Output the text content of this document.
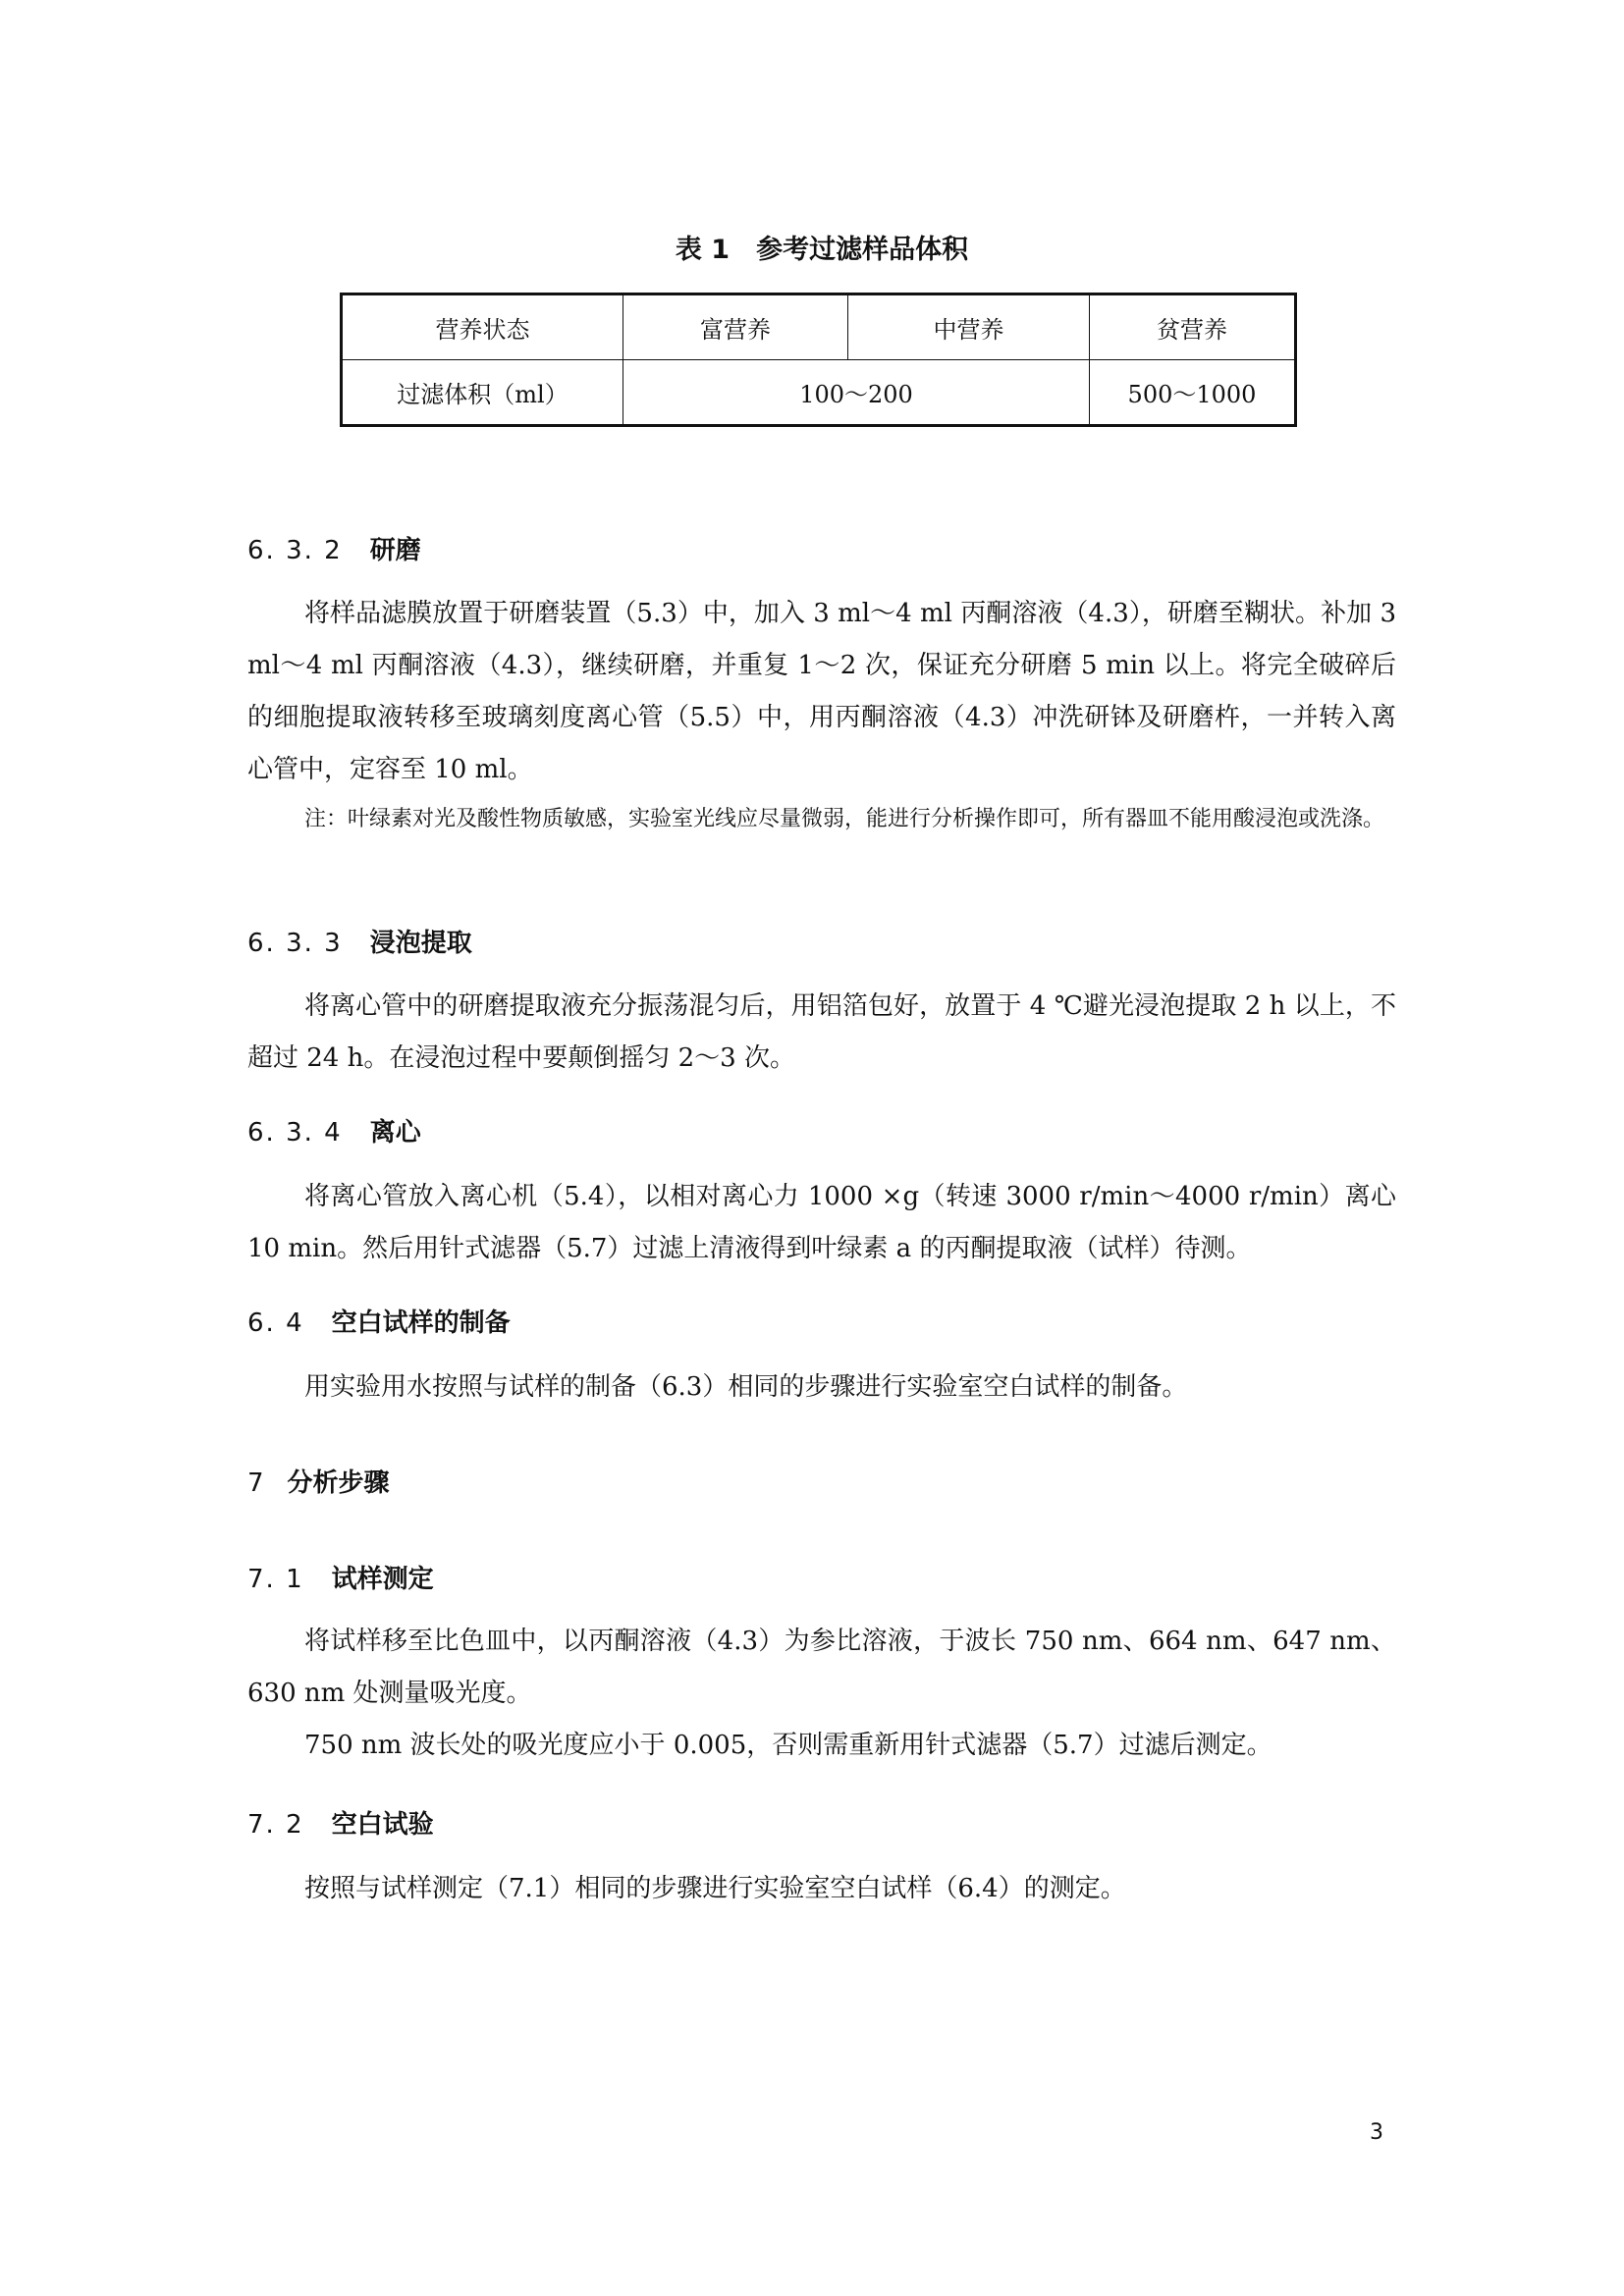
表 1　参考过滤样品体积
营养状态	富营养	中营养	贫营养
过滤体积（ml）	100～200		500～1000
6. 3. 2 研磨

将样品滤膜放置于研磨装置（5.3）中，加入 3 ml～4 ml 丙酮溶液（4.3），研磨至糊状。补加 3 ml～4 ml 丙酮溶液（4.3），继续研磨，并重复 1～2 次，保证充分研磨 5 min 以上。将完全破碎后的细胞提取液转移至玻璃刻度离心管（5.5）中，用丙酮溶液（4.3）冲洗研钵及研磨杵，一并转入离心管中，定容至 10 ml。

注：叶绿素对光及酸性物质敏感，实验室光线应尽量微弱，能进行分析操作即可，所有器皿不能用酸浸泡或洗涤。

6. 3. 3 浸泡提取

将离心管中的研磨提取液充分振荡混匀后，用铝箔包好，放置于 4 ℃避光浸泡提取 2 h 以上，不超过 24 h。在浸泡过程中要颠倒摇匀 2～3 次。

6. 3. 4 离心

将离心管放入离心机（5.4），以相对离心力 1000 ×g（转速 3000 r/min～4000 r/min）离心 10 min。然后用针式滤器（5.7）过滤上清液得到叶绿素 a 的丙酮提取液（试样）待测。

6. 4 空白试样的制备

用实验用水按照与试样的制备（6.3）相同的步骤进行实验室空白试样的制备。

7 分析步骤
7. 1 试样测定

将试样移至比色皿中，以丙酮溶液（4.3）为参比溶液，于波长 750 nm、664 nm、647 nm、630 nm 处测量吸光度。

750 nm 波长处的吸光度应小于 0.005，否则需重新用针式滤器（5.7）过滤后测定。

7. 2 空白试验

按照与试样测定（7.1）相同的步骤进行实验室空白试样（6.4）的测定。

3
